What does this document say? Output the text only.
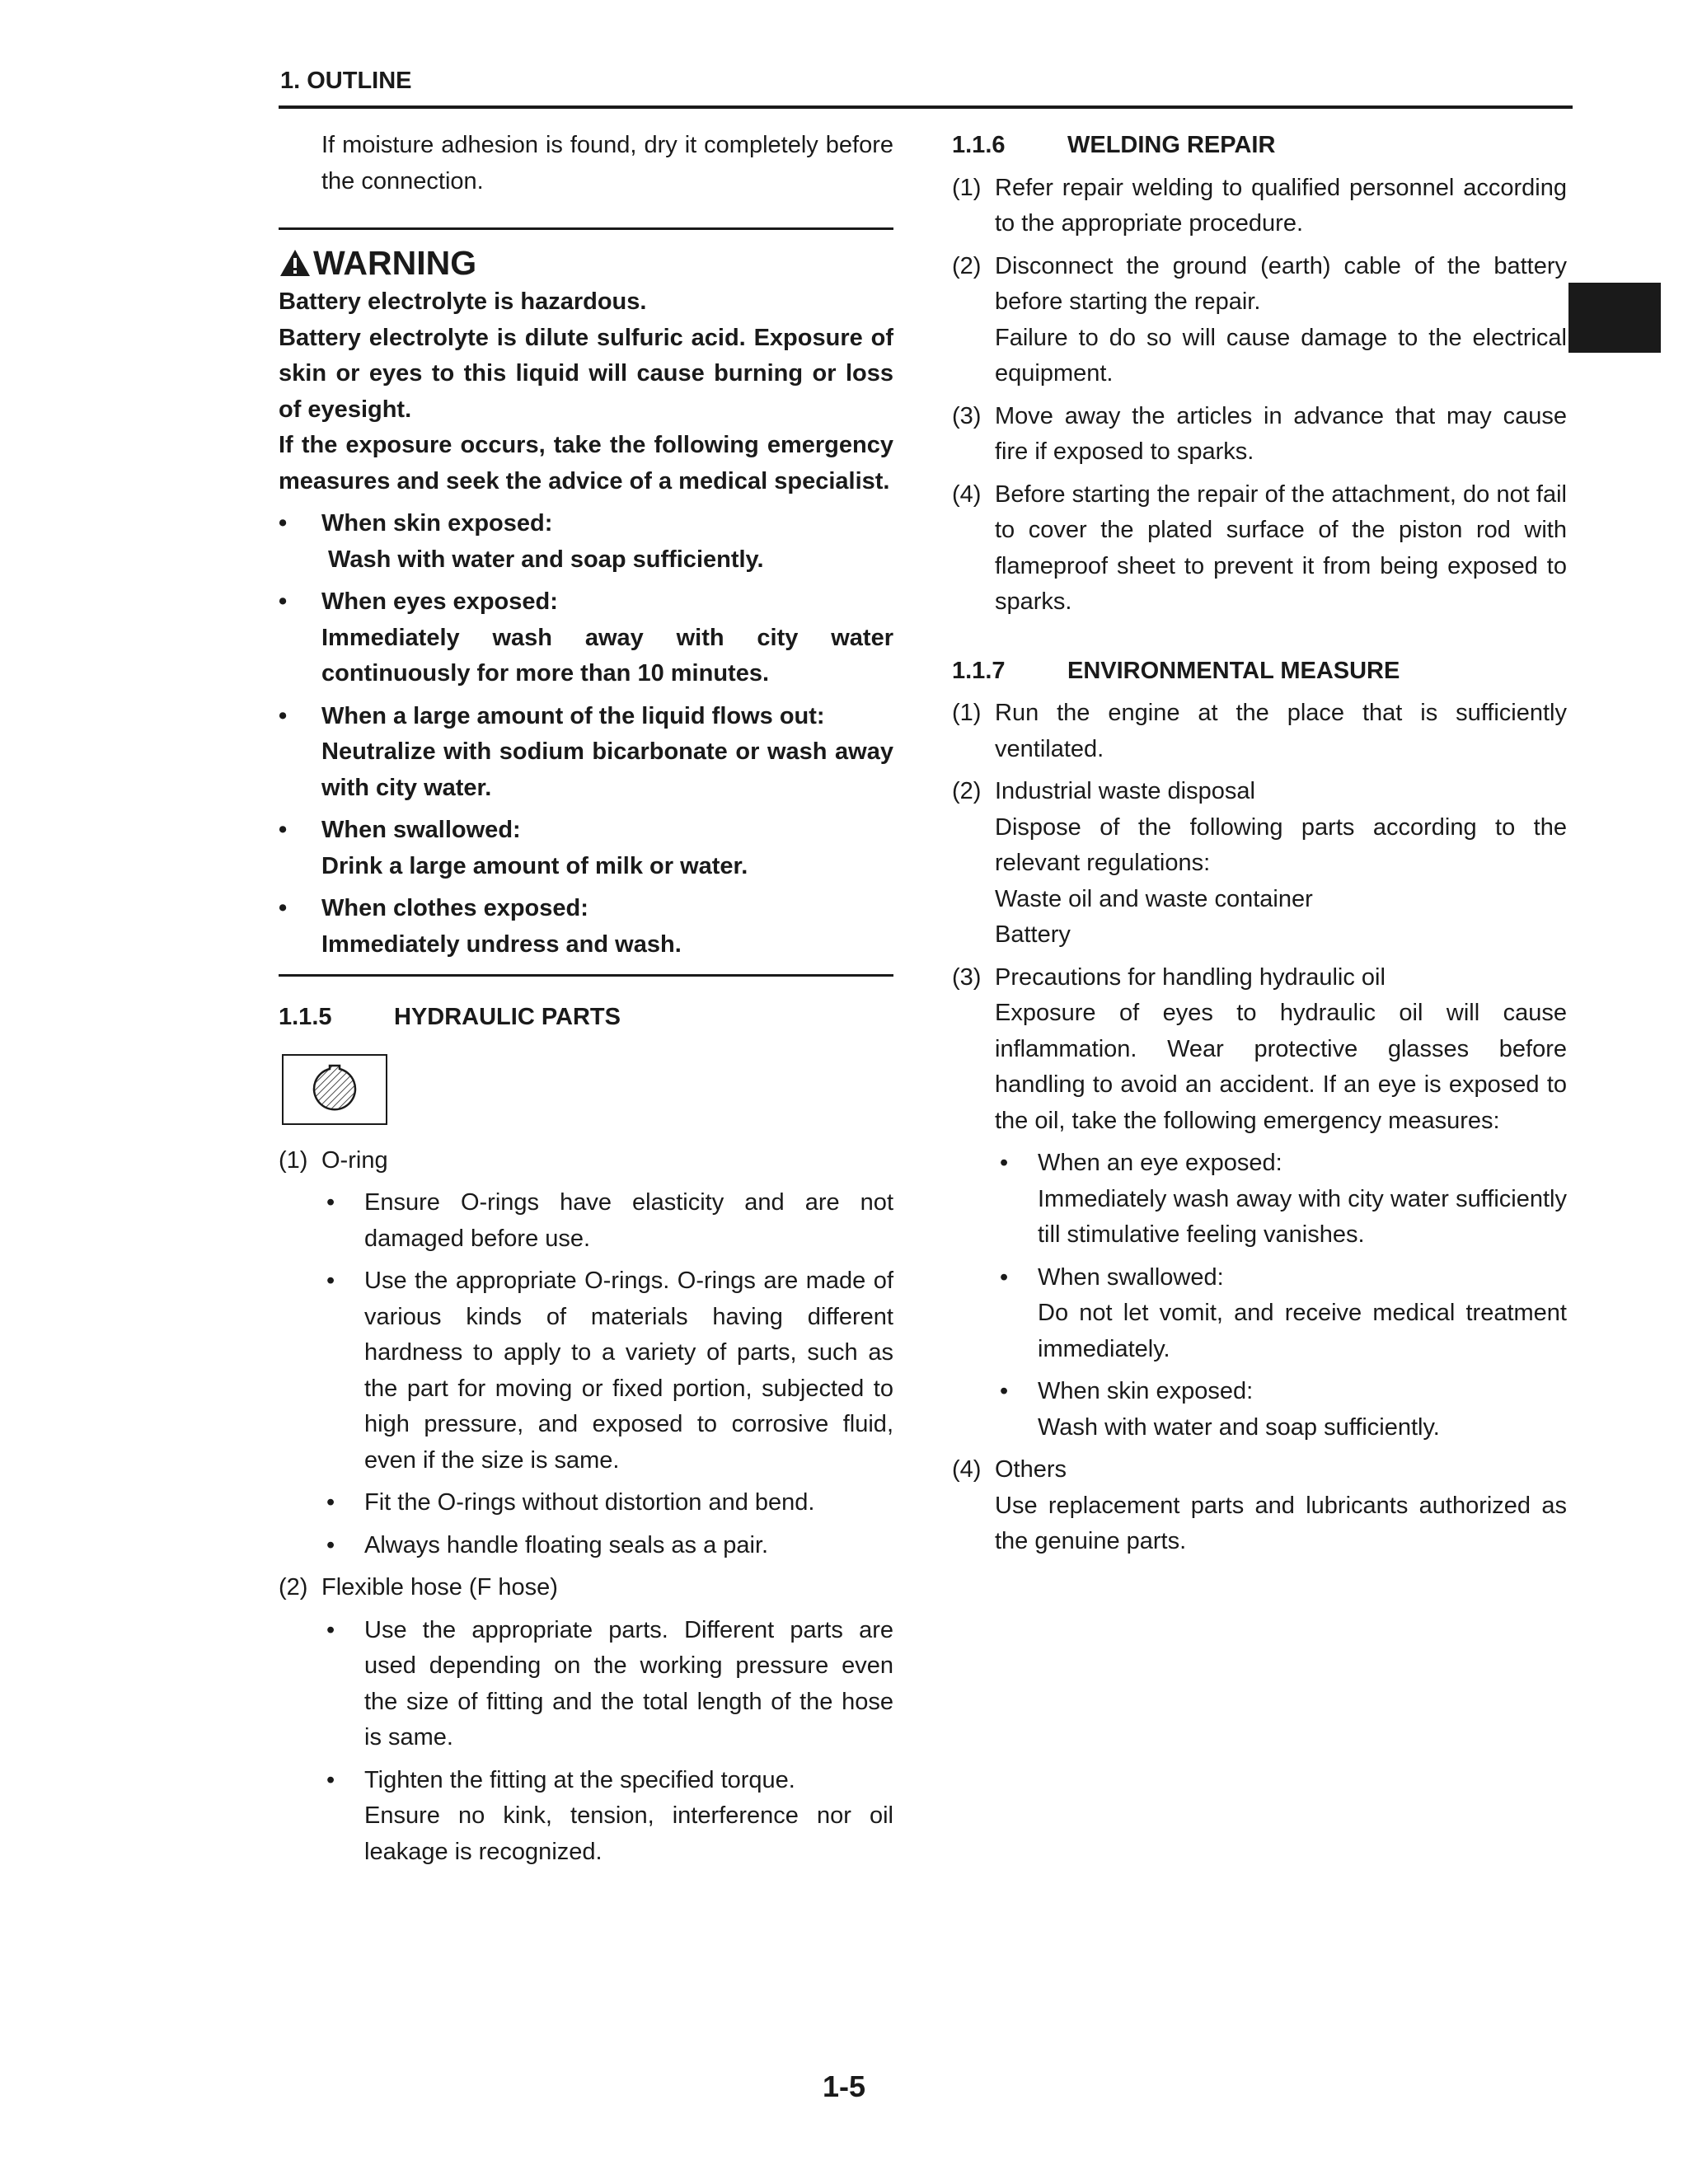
1. OUTLINE

If moisture adhesion is found, dry it completely before the connection.

WARNING

Battery electrolyte is hazardous.

Battery electrolyte is dilute sulfuric acid. Exposure of skin or eyes to this liquid will cause burning or loss of eyesight.

If the exposure occurs, take the following emergency measures and seek the advice of a medical specialist.

•	When skin exposed:

Wash with water and soap sufficiently.

•	When eyes exposed:

Immediately wash away with city water continuously for more than 10 minutes.

•	When a large amount of the liquid flows out:

Neutralize with sodium bicarbonate or wash away with city water.

•	When swallowed:

Drink a large amount of milk or water.

•	When clothes exposed:

Immediately undress and wash.

1.1.5	HYDRAULIC PARTS
(1) O-ring

•	Ensure O-rings have elasticity and are not damaged before use.

•	Use the appropriate O-rings. O-rings are made of various kinds of materials having different hardness to apply to a variety of parts, such as the part for moving or fixed portion, subjected to high pressure, and exposed to corrosive fluid, even if the size is same.

•	Fit the O-rings without distortion and bend.

•	Always handle floating seals as a pair.

(2) Flexible hose (F hose)

•	Use the appropriate parts. Different parts are used depending on the working pressure even the size of fitting and the total length of the hose is same.

•	Tighten the fitting at the specified torque.

Ensure no kink, tension, interference nor oil leakage is recognized.

1.1.6	WELDING REPAIR
(1) Refer repair welding to qualified personnel according to the appropriate procedure.

(2) Disconnect the ground (earth) cable of the battery before starting the repair.

Failure to do so will cause damage to the electrical equipment.

(3) Move away the articles in advance that may cause fire if exposed to sparks.

(4) Before starting the repair of the attachment, do not fail to cover the plated surface of the piston rod with flameproof sheet to prevent it from being exposed to sparks.

1.1.7	ENVIRONMENTAL MEASURE
(1) Run the engine at the place that is sufficiently ventilated.

(2) Industrial waste disposal

Dispose of the following parts according to the relevant regulations:

Waste oil and waste container

Battery

(3) Precautions for handling hydraulic oil

Exposure of eyes to hydraulic oil will cause inflammation. Wear protective glasses before handling to avoid an accident. If an eye is exposed to the oil, take the following emergency measures:

•	When an eye exposed:

Immediately wash away with city water sufficiently till stimulative feeling vanishes.

•	When swallowed:

Do not let vomit, and receive medical treatment immediately.

•	When skin exposed:

Wash with water and soap sufficiently.

(4) Others

Use replacement parts and lubricants authorized as the genuine parts.

1-5
